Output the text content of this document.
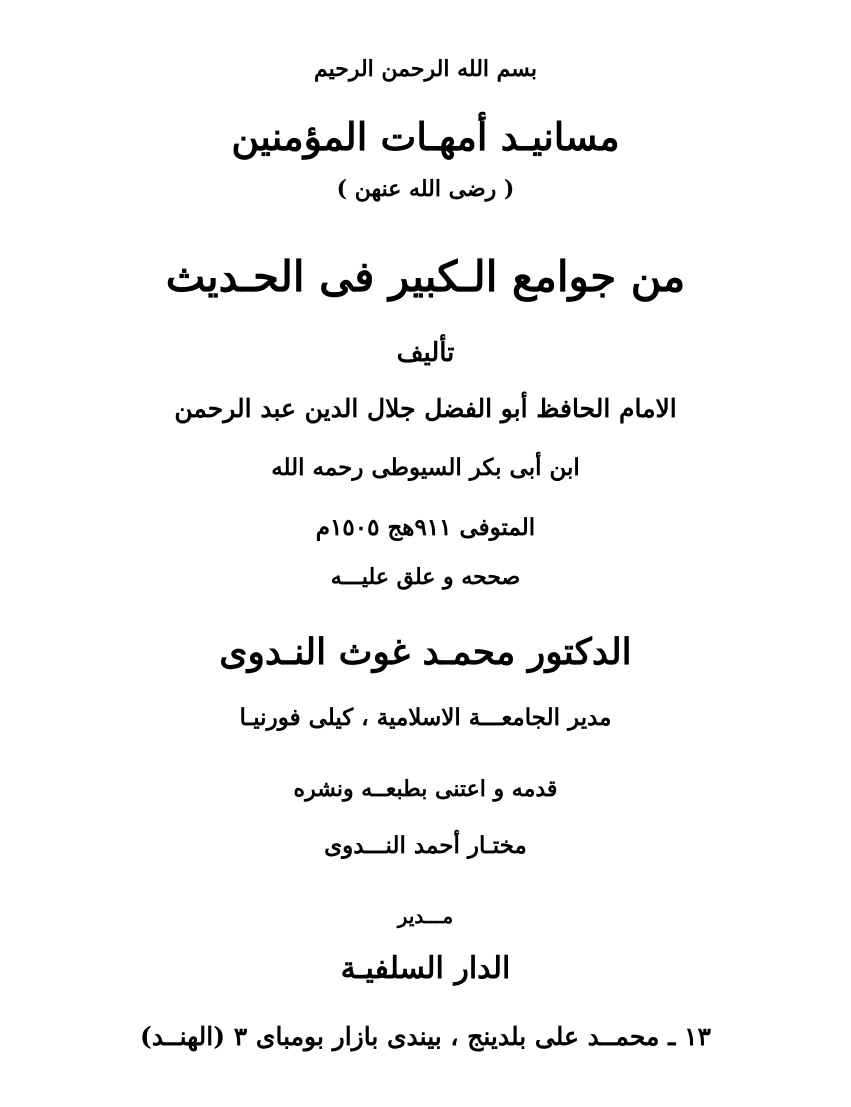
بسم الله الرحمن الرحيم
مسانيـد أمهـات المؤمنين
( رضى الله عنهن )
من جوامع الـكبير فى الحـديث
تأليف
الامام الحافظ أبو الفضل جلال الدين عبد الرحمن
ابن أبى بكر السيوطى رحمه الله
المتوفى ٩١١هج ١٥٠٥م
صححه و علق عليـــه
الدكتور محمـد غوث النـدوى
مدير الجامعـــة الاسلامية ، كيلى فورنيـا
قدمه و اعتنى بطبعــه ونشره
مختـار أحمد النـــدوى
مـــدير
الدار السلفيـة
١٣ ـ محمــد على بلدينج ، بيندى بازار بومباى ٣ (الهنــد)
